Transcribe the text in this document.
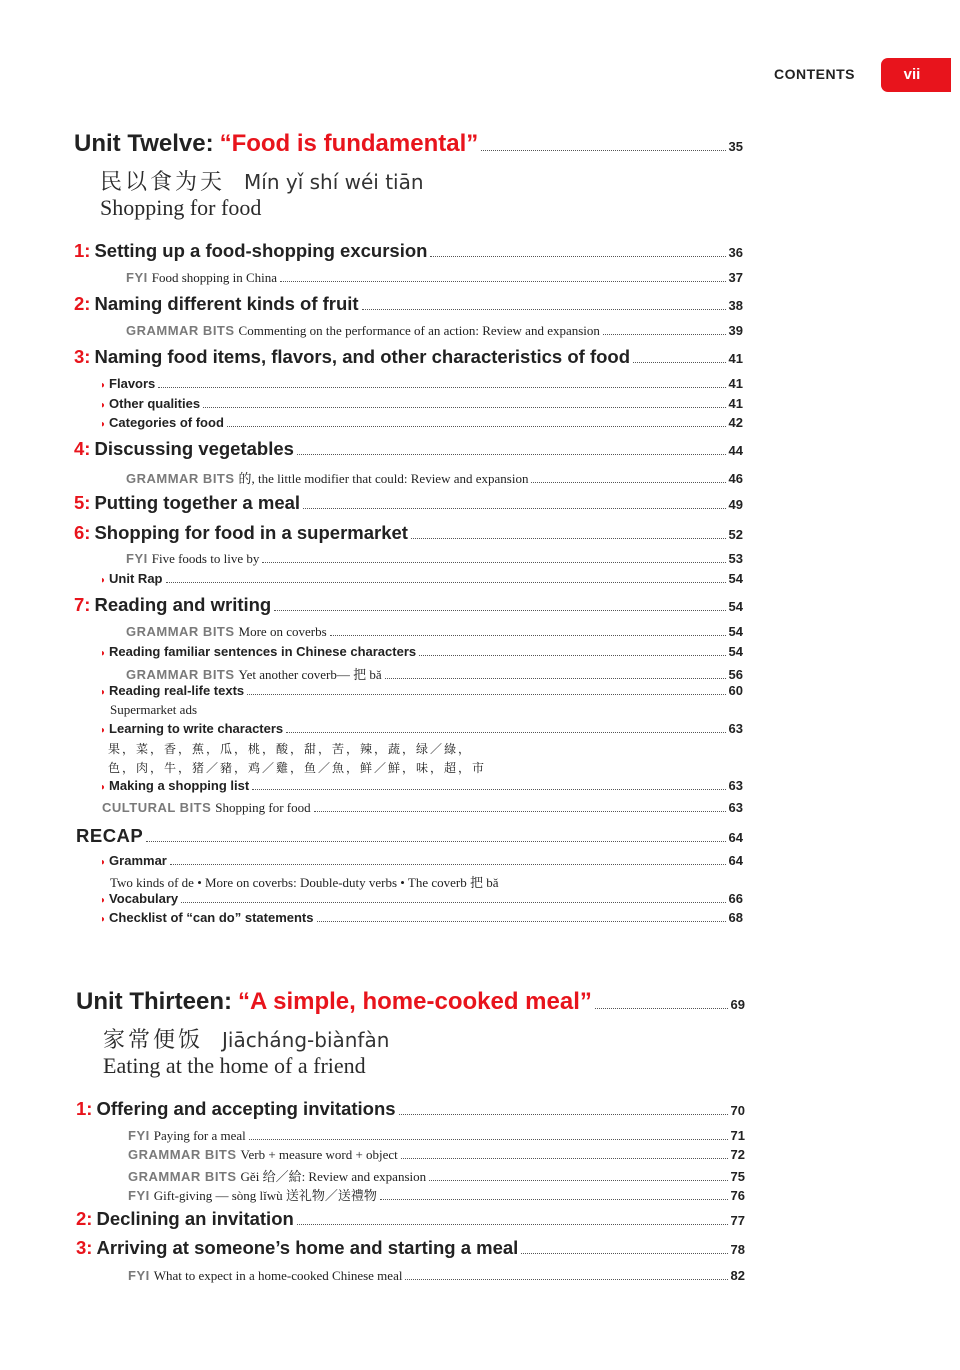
CONTENTS	vii
Unit Twelve: “Food is fundamental”	35
民以食为天 Mín yǐ shí wéi tiān
Shopping for food
1: Setting up a food-shopping excursion	36
FYI Food shopping in China	37
2: Naming different kinds of fruit	38
GRAMMAR BITS Commenting on the performance of an action: Review and expansion	39
3: Naming food items, flavors, and other characteristics of food	41
◗ Flavors	41
◗ Other qualities	41
◗ Categories of food	42
4: Discussing vegetables	44
GRAMMAR BITS 的, the little modifier that could: Review and expansion	46
5: Putting together a meal	49
6: Shopping for food in a supermarket	52
FYI Five foods to live by	53
◗ Unit Rap	54
7: Reading and writing	54
GRAMMAR BITS More on coverbs	54
◗ Reading familiar sentences in Chinese characters	54
GRAMMAR BITS Yet another coverb— 把 bǎ	56
◗ Reading real-life texts	60
Supermarket ads
◗ Learning to write characters	63
果，菜，香，蕉，瓜，桃，酸，甜，苦，辣，蔬，绿／綠，
色，肉，牛，猪／豬，鸡／雞，鱼／魚，鲜／鮮，味，超，市
◗ Making a shopping list	63
CULTURAL BITS Shopping for food	63
RECAP	64
◗ Grammar	64
Two kinds of de • More on coverbs: Double-duty verbs • The coverb 把 bǎ
◗ Vocabulary	66
◗ Checklist of “can do” statements	68
Unit Thirteen: “A simple, home-cooked meal”	69
家常便饭 Jiācháng-biànfàn
Eating at the home of a friend
1: Offering and accepting invitations	70
FYI Paying for a meal	71
GRAMMAR BITS Verb + measure word + object	72
GRAMMAR BITS Gěi 给／給: Review and expansion	75
FYI Gift-giving — sòng lǐwù 送礼物／送禮物	76
2: Declining an invitation	77
3: Arriving at someone’s home and starting a meal	78
FYI What to expect in a home-cooked Chinese meal	82
